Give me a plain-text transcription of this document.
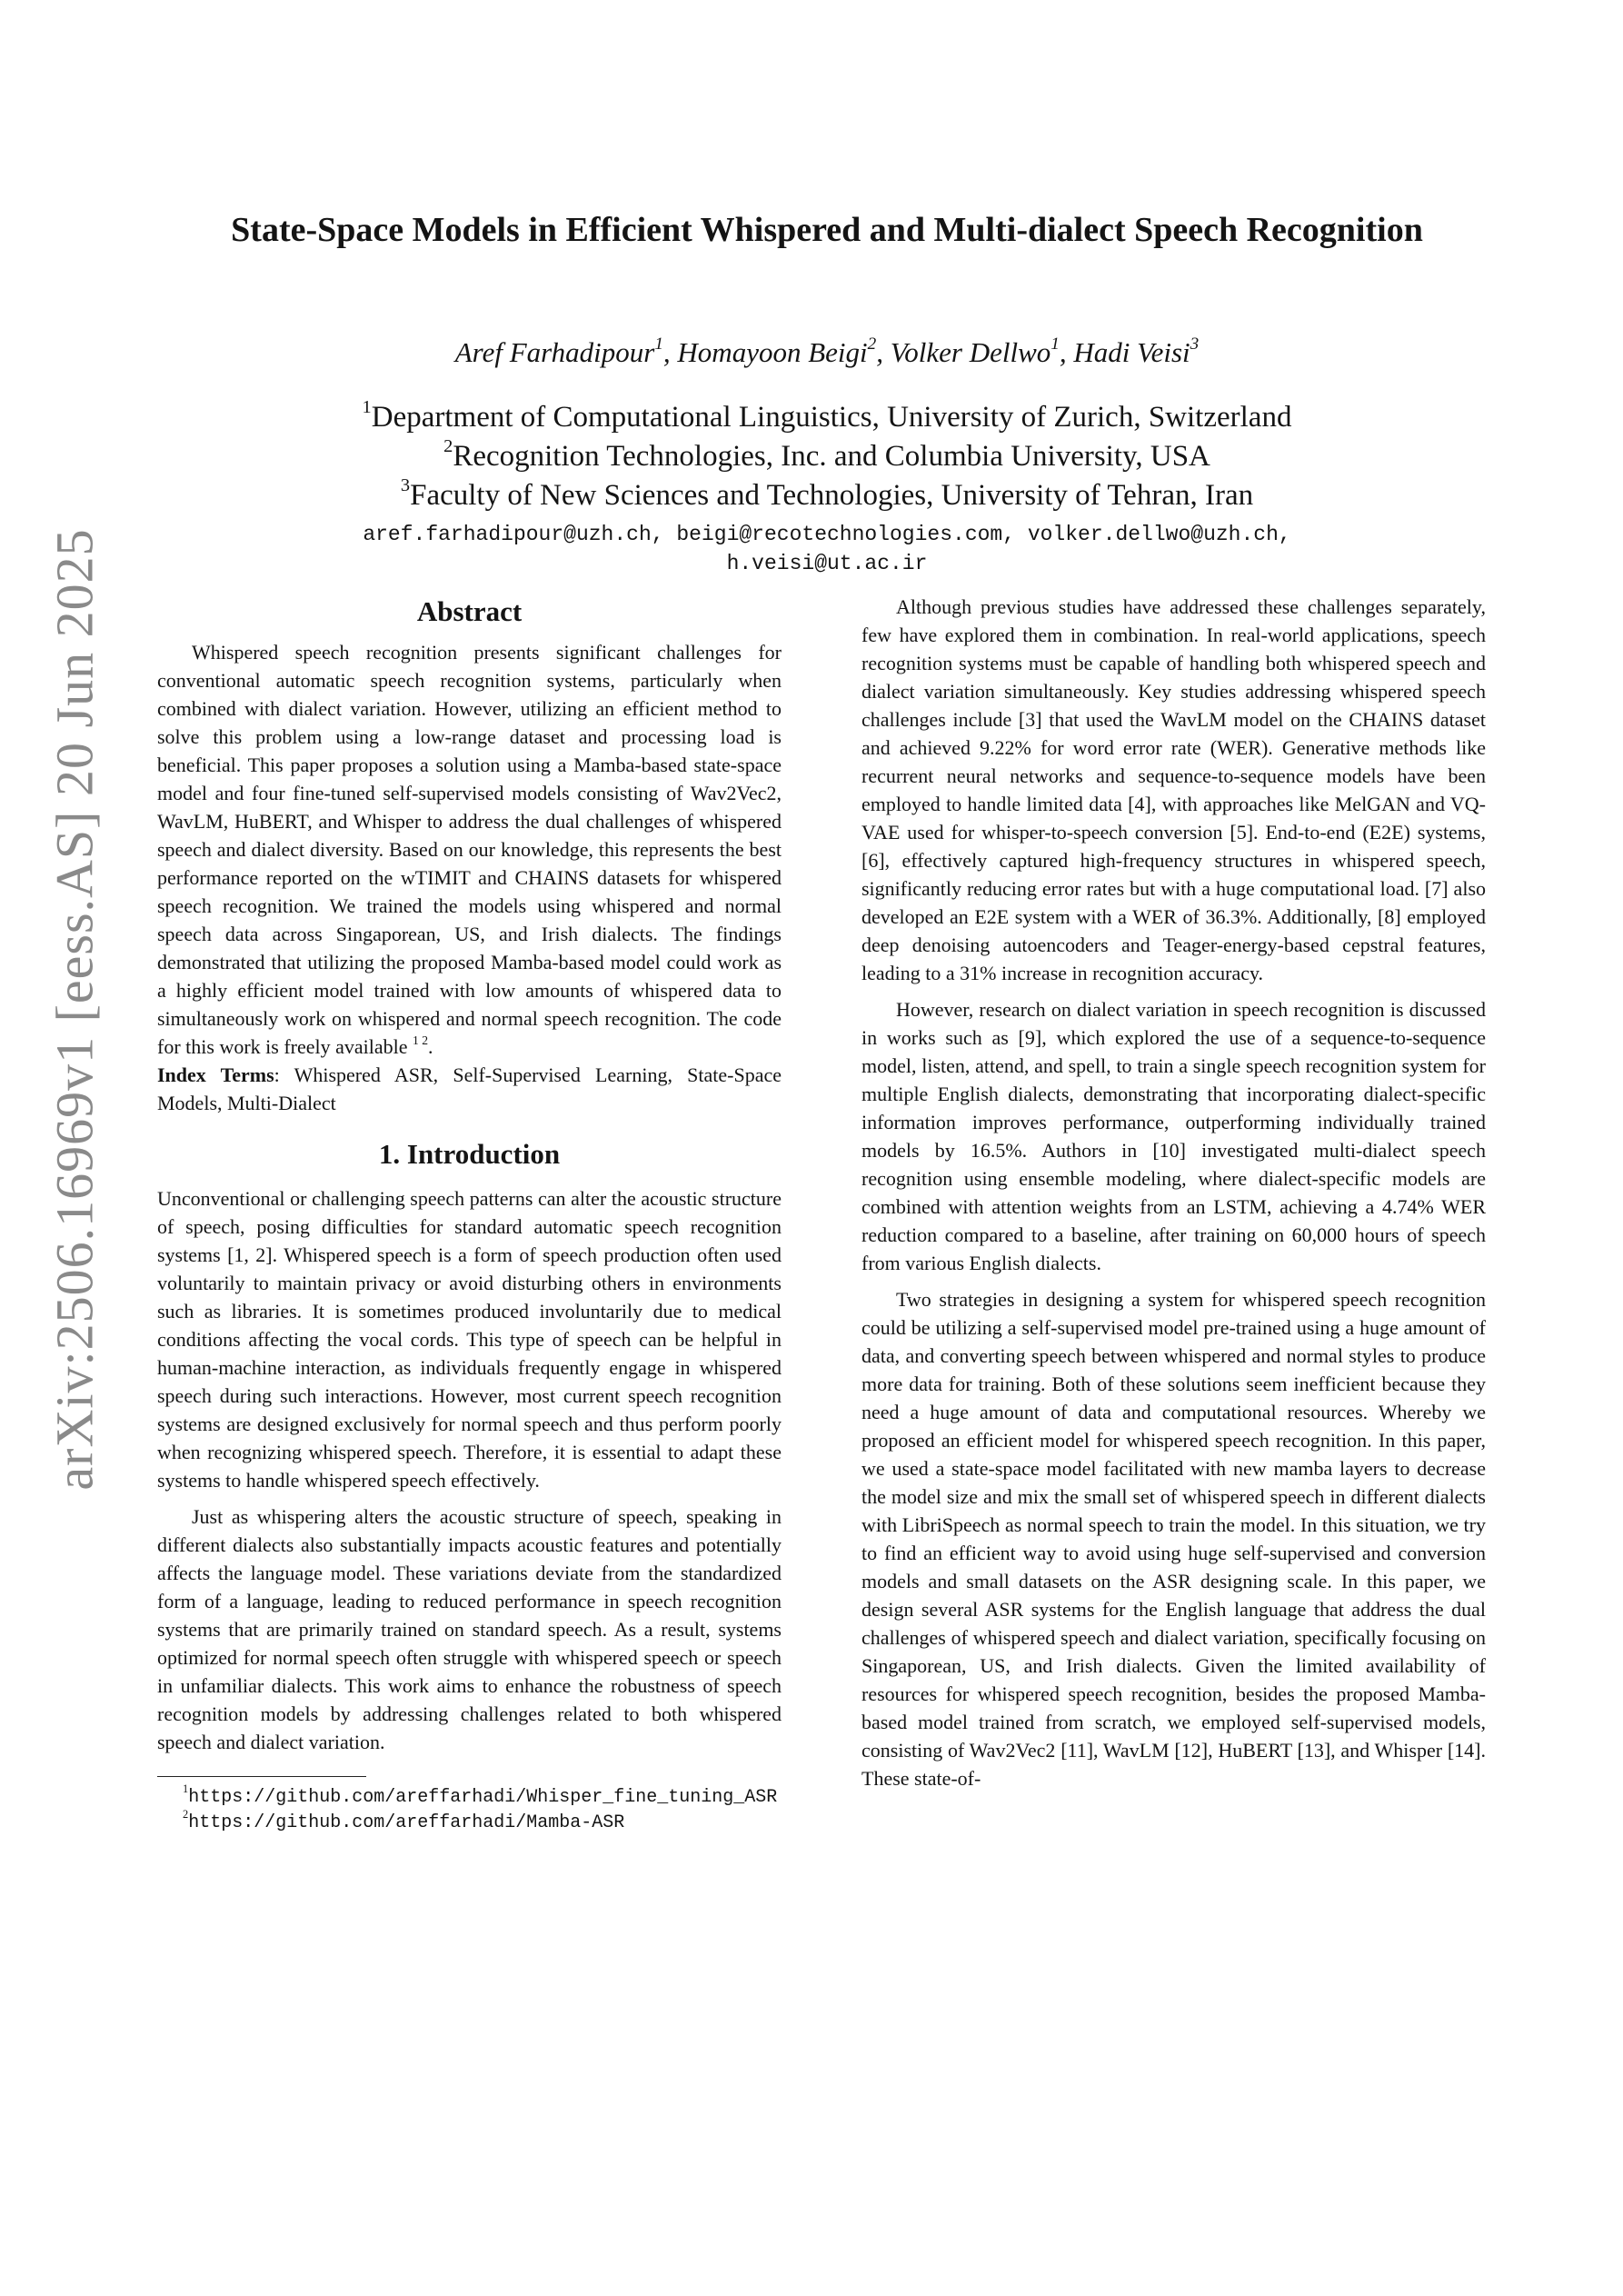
arXiv:2506.16969v1 [eess.AS] 20 Jun 2025
State-Space Models in Efficient Whispered and Multi-dialect Speech Recognition
Aref Farhadipour$^1$, Homayoon Beigi$^2$, Volker Dellwo$^1$, Hadi Veisi$^3$
$^1$Department of Computational Linguistics, University of Zurich, Switzerland
$^2$Recognition Technologies, Inc. and Columbia University, USA
$^3$Faculty of New Sciences and Technologies, University of Tehran, Iran
aref.farhadipour@uzh.ch, beigi@recotechnologies.com, volker.dellwo@uzh.ch,
h.veisi@ut.ac.ir
Abstract

Whispered speech recognition presents significant challenges for conventional automatic speech recognition systems, particularly when combined with dialect variation. However, utilizing an efficient method to solve this problem using a low-range dataset and processing load is beneficial. This paper proposes a solution using a Mamba-based state-space model and four fine-tuned self-supervised models consisting of Wav2Vec2, WavLM, HuBERT, and Whisper to address the dual challenges of whispered speech and dialect diversity. Based on our knowledge, this represents the best performance reported on the wTIMIT and CHAINS datasets for whispered speech recognition. We trained the models using whispered and normal speech data across Singaporean, US, and Irish dialects. The findings demonstrated that utilizing the proposed Mamba-based model could work as a highly efficient model trained with low amounts of whispered data to simultaneously work on whispered and normal speech recognition. The code for this work is freely available $^{1 2}$.

Index Terms: Whispered ASR, Self-Supervised Learning, State-Space Models, Multi-Dialect

1. Introduction

Unconventional or challenging speech patterns can alter the acoustic structure of speech, posing difficulties for standard automatic speech recognition systems [1, 2]. Whispered speech is a form of speech production often used voluntarily to maintain privacy or avoid disturbing others in environments such as libraries. It is sometimes produced involuntarily due to medical conditions affecting the vocal cords. This type of speech can be helpful in human-machine interaction, as individuals frequently engage in whispered speech during such interactions. However, most current speech recognition systems are designed exclusively for normal speech and thus perform poorly when recognizing whispered speech. Therefore, it is essential to adapt these systems to handle whispered speech effectively.

Just as whispering alters the acoustic structure of speech, speaking in different dialects also substantially impacts acoustic features and potentially affects the language model. These variations deviate from the standardized form of a language, leading to reduced performance in speech recognition systems that are primarily trained on standard speech. As a result, systems optimized for normal speech often struggle with whispered speech or speech in unfamiliar dialects. This work aims to enhance the robustness of speech recognition models by addressing challenges related to both whispered speech and dialect variation.

$^1$https://github.com/areffarhadi/Whisper_fine_tuning_ASR
$^2$https://github.com/areffarhadi/Mamba-ASR

Although previous studies have addressed these challenges separately, few have explored them in combination. In real-world applications, speech recognition systems must be capable of handling both whispered speech and dialect variation simultaneously. Key studies addressing whispered speech challenges include [3] that used the WavLM model on the CHAINS dataset and achieved 9.22% for word error rate (WER). Generative methods like recurrent neural networks and sequence-to-sequence models have been employed to handle limited data [4], with approaches like MelGAN and VQ-VAE used for whisper-to-speech conversion [5]. End-to-end (E2E) systems, [6], effectively captured high-frequency structures in whispered speech, significantly reducing error rates but with a huge computational load. [7] also developed an E2E system with a WER of 36.3%. Additionally, [8] employed deep denoising autoencoders and Teager-energy-based cepstral features, leading to a 31% increase in recognition accuracy.

However, research on dialect variation in speech recognition is discussed in works such as [9], which explored the use of a sequence-to-sequence model, listen, attend, and spell, to train a single speech recognition system for multiple English dialects, demonstrating that incorporating dialect-specific information improves performance, outperforming individually trained models by 16.5%. Authors in [10] investigated multi-dialect speech recognition using ensemble modeling, where dialect-specific models are combined with attention weights from an LSTM, achieving a 4.74% WER reduction compared to a baseline, after training on 60,000 hours of speech from various English dialects.

Two strategies in designing a system for whispered speech recognition could be utilizing a self-supervised model pre-trained using a huge amount of data, and converting speech between whispered and normal styles to produce more data for training. Both of these solutions seem inefficient because they need a huge amount of data and computational resources. Whereby we proposed an efficient model for whispered speech recognition. In this paper, we used a state-space model facilitated with new mamba layers to decrease the model size and mix the small set of whispered speech in different dialects with LibriSpeech as normal speech to train the model. In this situation, we try to find an efficient way to avoid using huge self-supervised and conversion models and small datasets on the ASR designing scale. In this paper, we design several ASR systems for the English language that address the dual challenges of whispered speech and dialect variation, specifically focusing on Singaporean, US, and Irish dialects. Given the limited availability of resources for whispered speech recognition, besides the proposed Mamba-based model trained from scratch, we employed self-supervised models, consisting of Wav2Vec2 [11], WavLM [12], HuBERT [13], and Whisper [14]. These state-of-
